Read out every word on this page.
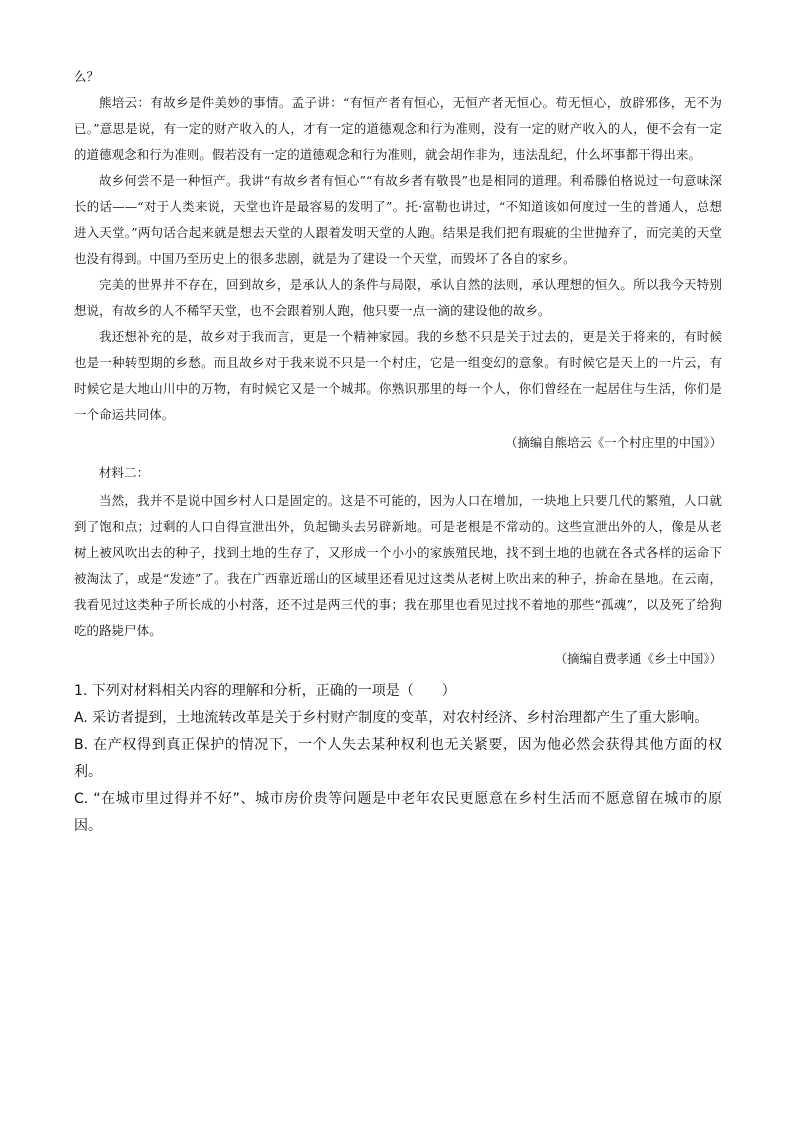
么？

熊培云：有故乡是件美妙的事情。孟子讲：“有恒产者有恒心，无恒产者无恒心。苟无恒心，放辟邪侈，无不为已。”意思是说，有一定的财产收入的人，才有一定的道德观念和行为准则，没有一定的财产收入的人，便不会有一定的道德观念和行为准则。假若没有一定的道德观念和行为准则，就会胡作非为，违法乱纪，什么坏事都干得出来。

故乡何尝不是一种恒产。我讲“有故乡者有恒心”“有故乡者有敬畏”也是相同的道理。利希滕伯格说过一句意味深长的话——“对于人类来说，天堂也许是最容易的发明了”。托·富勒也讲过，“不知道该如何度过一生的普通人，总想进入天堂。”两句话合起来就是想去天堂的人跟着发明天堂的人跑。结果是我们把有瑕疵的尘世抛弃了，而完美的天堂也没有得到。中国乃至历史上的很多悲剧，就是为了建设一个天堂，而毁坏了各自的家乡。

完美的世界并不存在，回到故乡，是承认人的条件与局限，承认自然的法则，承认理想的恒久。所以我今天特别想说，有故乡的人不稀罕天堂，也不会跟着别人跑，他只要一点一滴的建设他的故乡。

我还想补充的是，故乡对于我而言，更是一个精神家园。我的乡愁不只是关于过去的，更是关于将来的，有时候也是一种转型期的乡愁。而且故乡对于我来说不只是一个村庄，它是一组变幻的意象。有时候它是天上的一片云，有时候它是大地山川中的万物，有时候它又是一个城邦。你熟识那里的每一个人，你们曾经在一起居住与生活，你们是一个命运共同体。

（摘编自熊培云《一个村庄里的中国》）

材料二：

当然，我并不是说中国乡村人口是固定的。这是不可能的，因为人口在增加，一块地上只要几代的繁殖，人口就到了饱和点；过剩的人口自得宣泄出外，负起锄头去另辟新地。可是老根是不常动的。这些宣泄出外的人，像是从老树上被风吹出去的种子，找到土地的生存了，又形成一个小小的家族殖民地，找不到土地的也就在各式各样的运命下被淘汰了，或是“发迹”了。我在广西靠近瑶山的区域里还看见过这类从老树上吹出来的种子，拚命在垦地。在云南，我看见过这类种子所长成的小村落，还不过是两三代的事；我在那里也看见过找不着地的那些“孤魂”，以及死了给狗吃的路毙尸体。

（摘编自费孝通《乡土中国》）

1. 下列对材料相关内容的理解和分析，正确的一项是（　　）

A. 采访者提到，土地流转改革是关于乡村财产制度的变革，对农村经济、乡村治理都产生了重大影响。

B. 在产权得到真正保护的情况下，一个人失去某种权利也无关紧要，因为他必然会获得其他方面的权利。

C. “在城市里过得并不好”、城市房价贵等问题是中老年农民更愿意在乡村生活而不愿意留在城市的原因。
